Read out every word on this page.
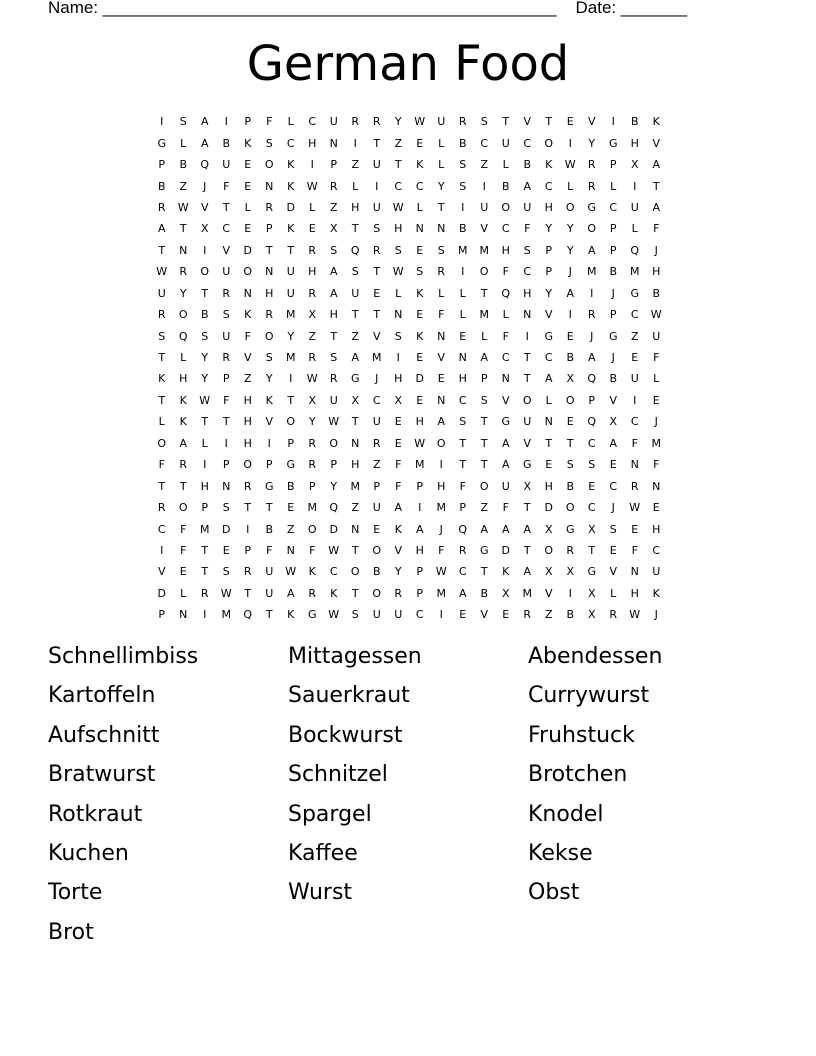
Name: ________________________________________________ Date: _______
German Food
I	S	A	I	P	F	L	C	U	R	R	Y	W	U	R	S	T	V	T	E	V	I	B	K
G	L	A	B	K	S	C	H	N	I	T	Z	E	L	B	C	U	C	O	I	Y	G	H	V
P	B	Q	U	E	O	K	I	P	Z	U	T	K	L	S	Z	L	B	K	W	R	P	X	A
B	Z	J	F	E	N	K	W	R	L	I	C	C	Y	S	I	B	A	C	L	R	L	I	T
R	W	V	T	L	R	D	L	Z	H	U	W	L	T	I	U	O	U	H	O	G	C	U	A
A	T	X	C	E	P	K	E	X	T	S	H	N	N	B	V	C	F	Y	Y	O	P	L	F
T	N	I	V	D	T	T	R	S	Q	R	S	E	S	M	M	H	S	P	Y	A	P	Q	J
W	R	O	U	O	N	U	H	A	S	T	W	S	R	I	O	F	C	P	J	M	B	M	H
U	Y	T	R	N	H	U	R	A	U	E	L	K	L	L	T	Q	H	Y	A	I	J	G	B
R	O	B	S	K	R	M	X	H	T	T	N	E	F	L	M	L	N	V	I	R	P	C	W
S	Q	S	U	F	O	Y	Z	T	Z	V	S	K	N	E	L	F	I	G	E	J	G	Z	U
T	L	Y	R	V	S	M	R	S	A	M	I	E	V	N	A	C	T	C	B	A	J	E	F
K	H	Y	P	Z	Y	I	W	R	G	J	H	D	E	H	P	N	T	A	X	Q	B	U	L
T	K	W	F	H	K	T	X	U	X	C	X	E	N	C	S	V	O	L	O	P	V	I	E
L	K	T	T	H	V	O	Y	W	T	U	E	H	A	S	T	G	U	N	E	Q	X	C	J
O	A	L	I	H	I	P	R	O	N	R	E	W	O	T	T	A	V	T	T	C	A	F	M
F	R	I	P	O	P	G	R	P	H	Z	F	M	I	T	T	A	G	E	S	S	E	N	F
T	T	H	N	R	G	B	P	Y	M	P	F	P	H	F	O	U	X	H	B	E	C	R	N
R	O	P	S	T	T	E	M	Q	Z	U	A	I	M	P	Z	F	T	D	O	C	J	W	E
C	F	M	D	I	B	Z	O	D	N	E	K	A	J	Q	A	A	A	X	G	X	S	E	H
I	F	T	E	P	F	N	F	W	T	O	V	H	F	R	G	D	T	O	R	T	E	F	C
V	E	T	S	R	U	W	K	C	O	B	Y	P	W	C	T	K	A	X	X	G	V	N	U
D	L	R	W	T	U	A	R	K	T	O	R	P	M	A	B	X	M	V	I	X	L	H	K
P	N	I	M	Q	T	K	G	W	S	U	U	C	I	E	V	E	R	Z	B	X	R	W	J
Schnellimbiss	Mittagessen	Abendessen
Kartoffeln	Sauerkraut	Currywurst
Aufschnitt	Bockwurst	Fruhstuck
Bratwurst	Schnitzel	Brotchen
Rotkraut	Spargel	Knodel
Kuchen	Kaffee	Kekse
Torte	Wurst	Obst
Brot
